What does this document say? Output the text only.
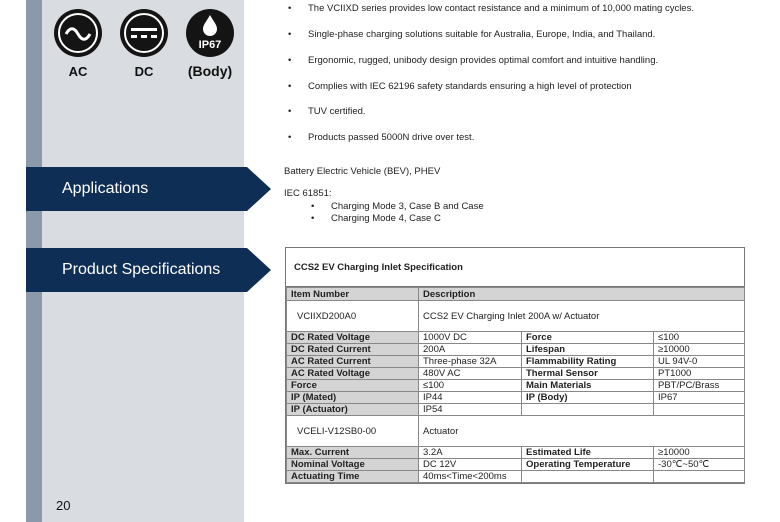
AC	DC
IP67
(Body)
Applications
Product Specifications
20
• The VCIIXD series provides low contact resistance and a minimum of 10,000 mating cycles.
• Single-phase charging solutions suitable for Australia, Europe, India, and Thailand.
• Ergonomic, rugged, unibody design provides optimal comfort and intuitive handling.
• Complies with IEC 62196 safety standards ensuring a high level of protection
• TUV certified.
• Products passed 5000N drive over test.
Battery Electric Vehicle (BEV), PHEV
IEC 61851:
• Charging Mode 3, Case B and Case
• Charging Mode 4, Case C
CCS2 EV Charging Inlet Specification
Item Number	Description		
VCIIXD200A0	CCS2 EV Charging Inlet 200A w/ Actuator		
DC Rated Voltage	1000V DC	Force	≤100
DC Rated Current	200A	Lifespan	≥10000
AC Rated Current	Three-phase 32A	Flammability Rating	UL 94V-0
AC Rated Voltage	480V AC	Thermal Sensor	PT1000
Force	≤100	Main Materials	PBT/PC/Brass
IP (Mated)	IP44	IP (Body)	IP67
IP (Actuator)	IP54		
VCELI-V12SB0-00	Actuator		
Max. Current	3.2A	Estimated Life	≥10000
Nominal Voltage	DC 12V	Operating Temperature	-30℃~50℃
Actuating Time	40ms<Time<200ms		
